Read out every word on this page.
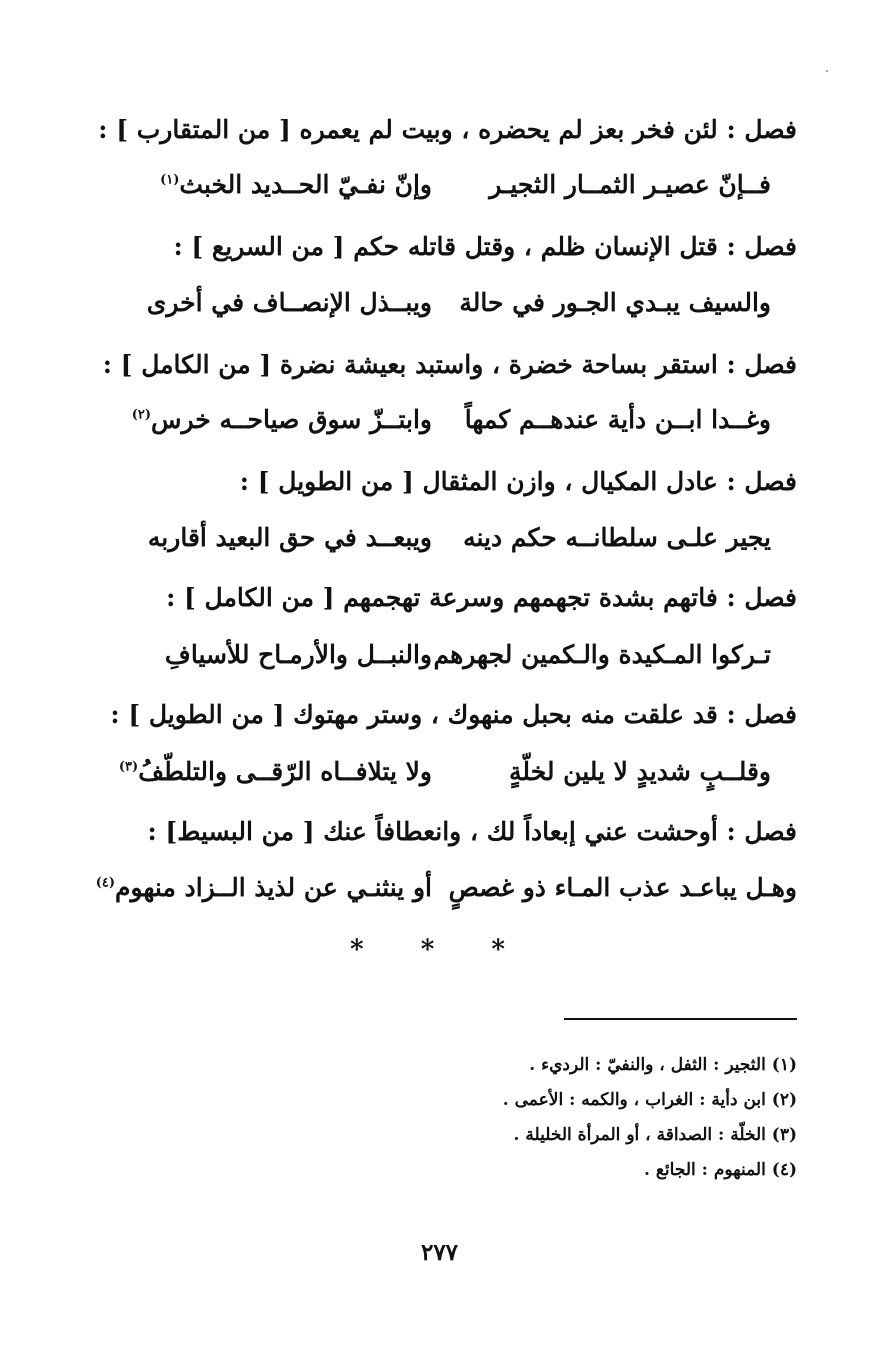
فصل : لئن فخر بعز لم يحضره ، وبيت لم يعمره [ من المتقارب ] :
فــإنّ عصيـر الثمــار الثجيـر
وإنّ نفـيّ الحــديد الخبث$^{(١)}$
فصل : قتل الإنسان ظلم ، وقتل قاتله حكم [ من السريع ] :
والسيف يبـدي الجـور في حالة
ويبــذل الإنصــاف في أخرى
فصل : استقر بساحة خضرة ، واستبد بعيشة نضرة [ من الكامل ] :
وغــدا ابــن دأية عندهــم كمهاً
وابتــزّ سوق صياحــه خرس$^{(٢)}$
فصل : عادل المكيال ، وازن المثقال [ من الطويل ] :
يجير علـى سلطانــه حكم دينه
ويبعــد في حق البعيد أقاربه
فصل : فاتهم بشدة تجهمهم وسرعة تهجمهم [ من الكامل ] :
تـركوا المـكيدة والـكمين لجهرهم
والنبــل والأرمـاح للأسيافِ
فصل : قد علقت منه بحبل منهوك ، وستر مهتوك [ من الطويل ] :
وقلــبٍ شديدٍ لا يلين لخلّةٍ
ولا يتلافــاه الرّقــى والتلطّفُ$^{(٣)}$
فصل : أوحشت عني إبعاداً لك ، وانعطافاً عنك [ من البسيط] :
وهـل يباعـد عذب المـاء ذو غصصٍ
أو ينثنـي عن لذيذ الــزاد منهوم$^{(٤)}$
* * *
(١) الثجير : الثفل ، والنفيّ : الرديء .
(٢) ابن دأية : الغراب ، والكمه : الأعمى .
(٣) الخلّة : الصداقة ، أو المرأة الخليلة .
(٤) المنهوم : الجائع .
٢٧٧
